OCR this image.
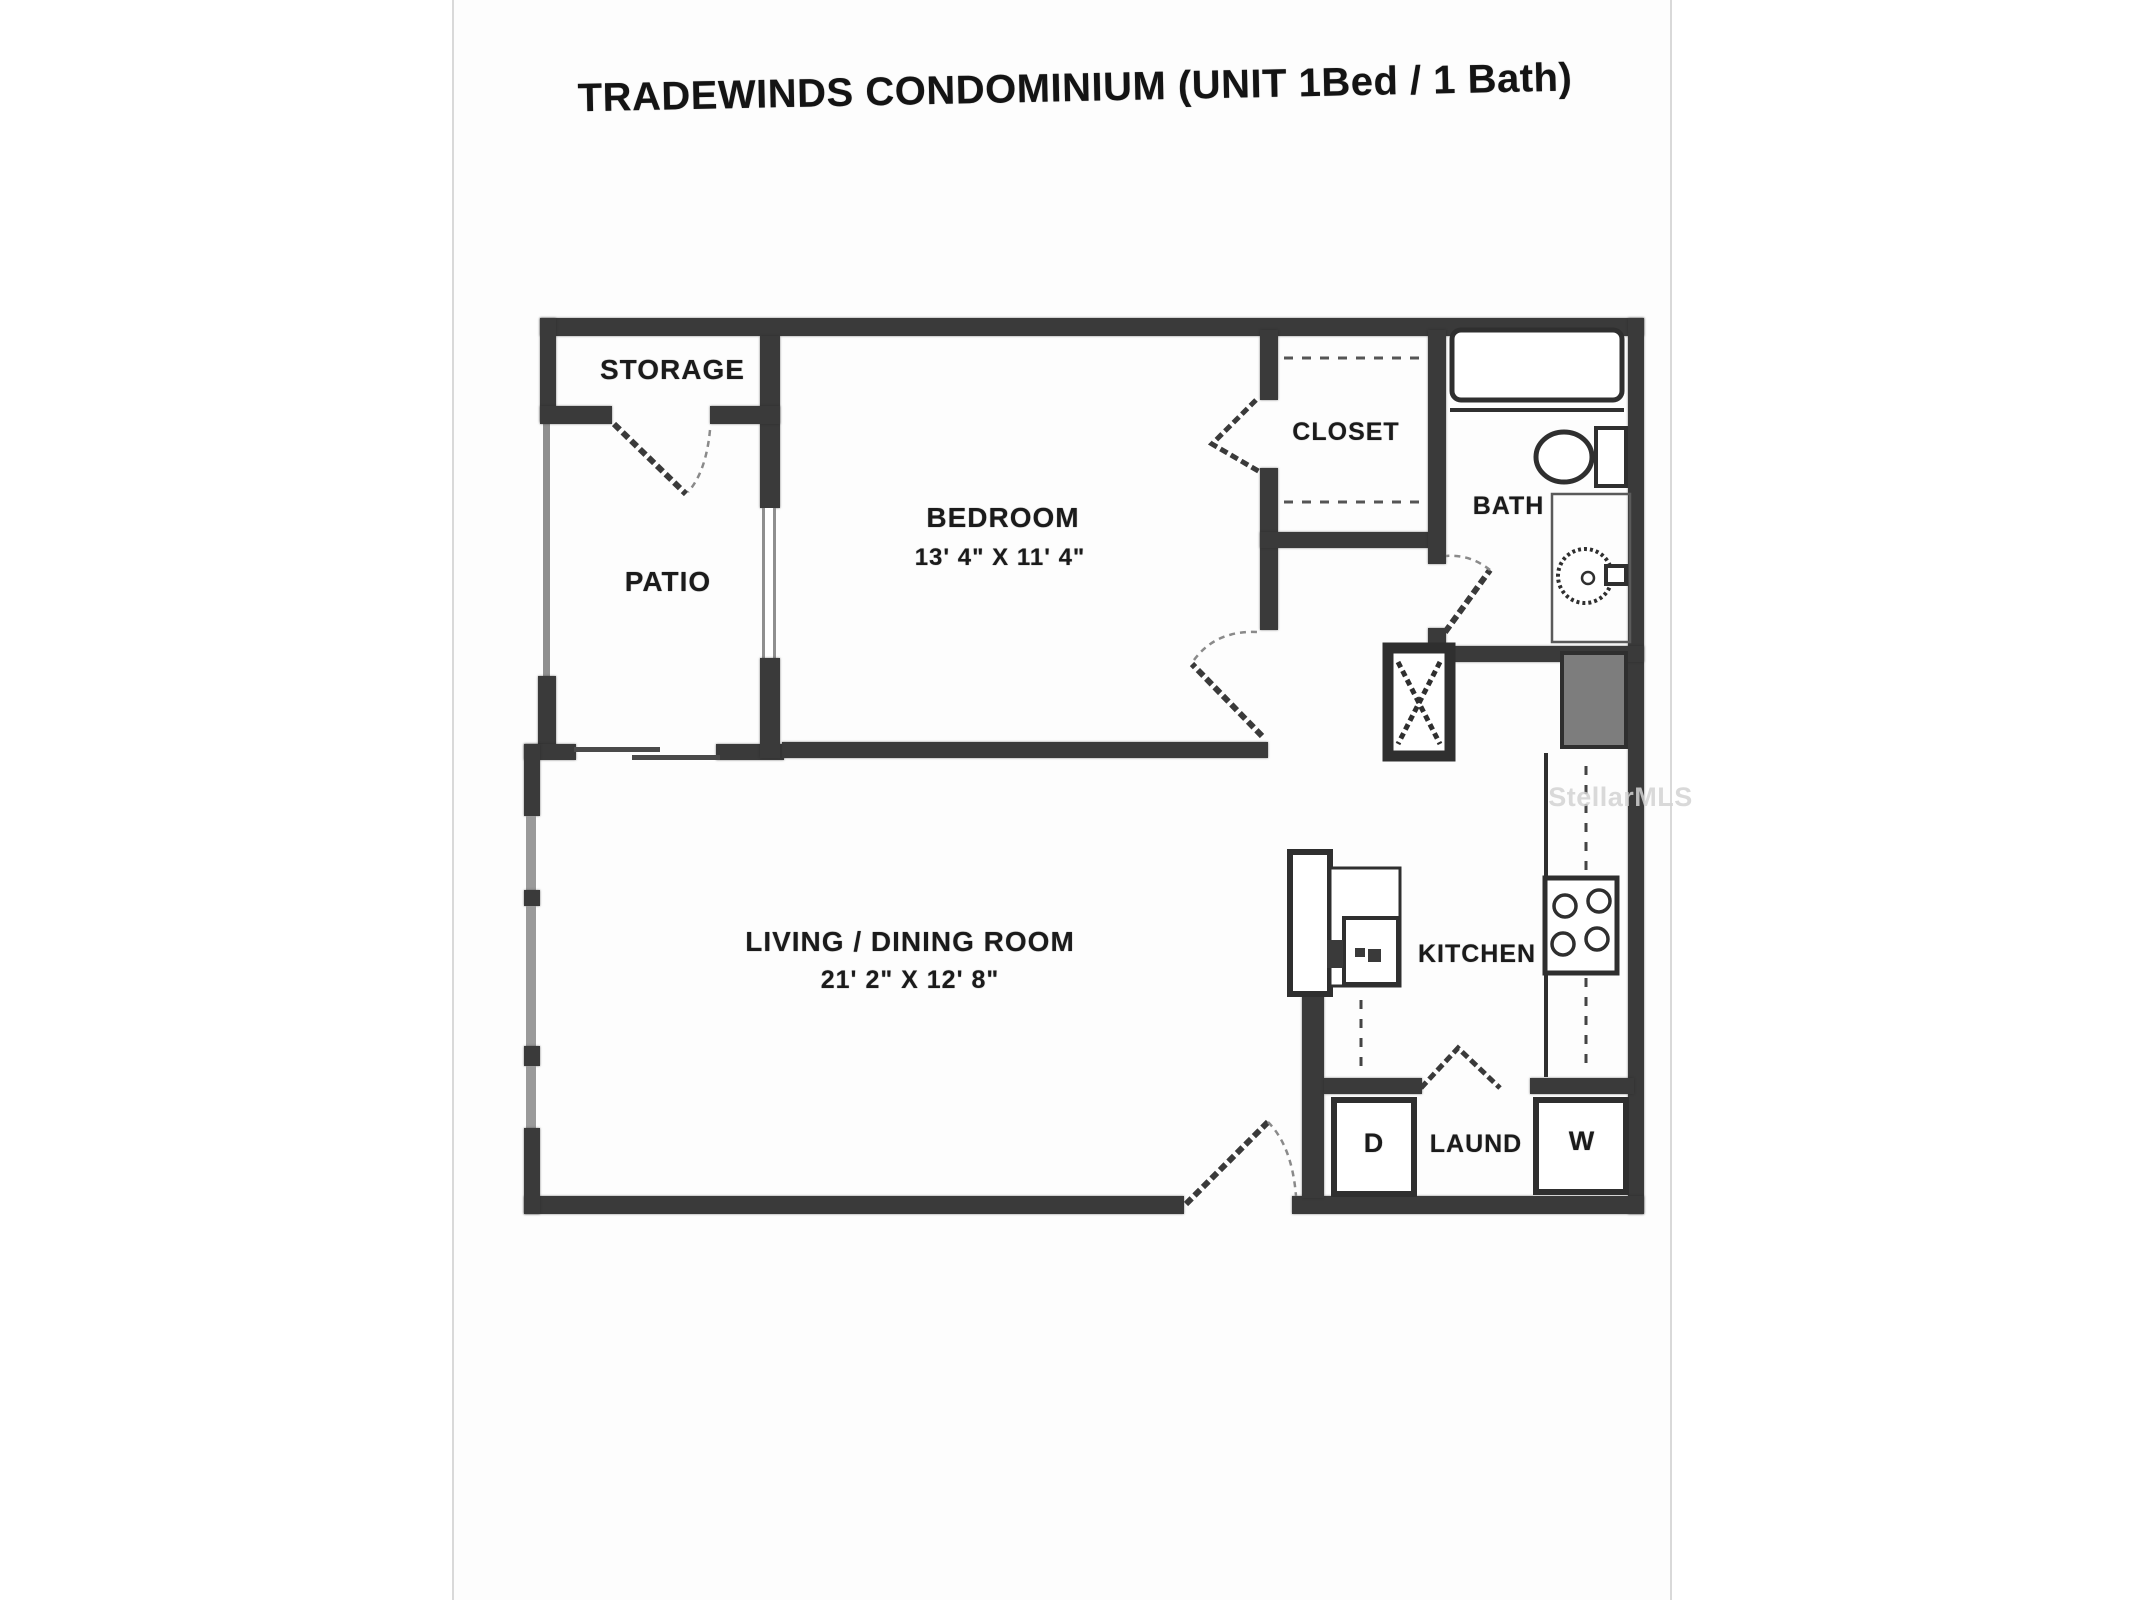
TRADEWINDS CONDOMINIUM (UNIT 1Bed / 1 Bath)
STORAGE
PATIO
BEDROOM
13' 4" X 11' 4"
CLOSET
BATH
LIVING / DINING ROOM
21' 2" X 12' 8"
KITCHEN
D	LAUND	W
StellarMLS
